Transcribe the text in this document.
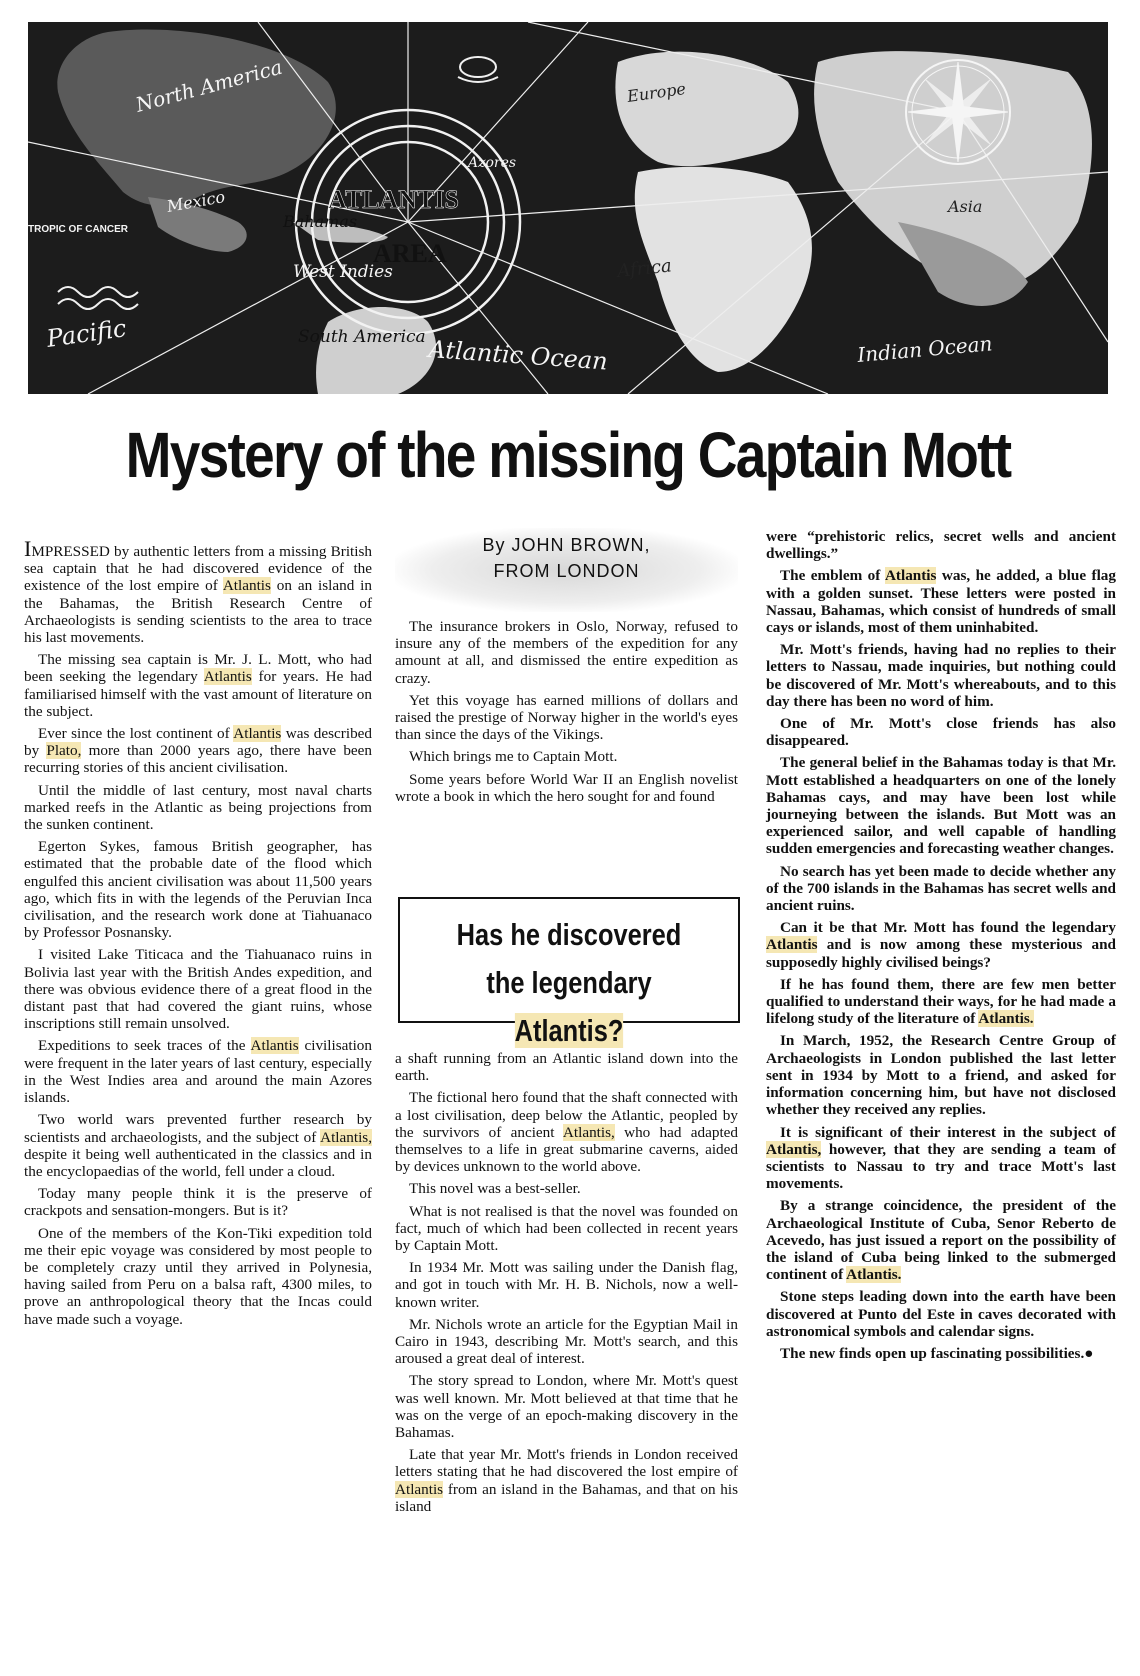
North America
Mexico
Bahamas
West Indies
South America
Pacific
Atlantic Ocean
Azores
Europe
Africa
Asia
Indian Ocean
TROPIC OF CANCER
ATLANTIS
AREA
Mystery of the missing Captain Mott

IMPRESSED by authentic letters from a missing British sea captain that he had discovered evidence of the existence of the lost empire of Atlantis on an island in the Bahamas, the British Research Centre of Archaeologists is sending scientists to the area to trace his last movements.

The missing sea captain is Mr. J. L. Mott, who had been seeking the legendary Atlantis for years. He had familiarised himself with the vast amount of literature on the subject.

Ever since the lost continent of Atlantis was described by Plato, more than 2000 years ago, there have been recurring stories of this ancient civilisation.

Until the middle of last century, most naval charts marked reefs in the Atlantic as being projections from the sunken continent.

Egerton Sykes, famous British geographer, has estimated that the probable date of the flood which engulfed this ancient civilisation was about 11,500 years ago, which fits in with the legends of the Peruvian Inca civilisation, and the research work done at Tiahuanaco by Professor Posnansky.

I visited Lake Titicaca and the Tiahuanaco ruins in Bolivia last year with the British Andes expedition, and there was obvious evidence there of a great flood in the distant past that had covered the giant ruins, whose inscriptions still remain unsolved.

Expeditions to seek traces of the Atlantis civilisation were frequent in the later years of last century, especially in the West Indies area and around the main Azores islands.

Two world wars prevented further research by scientists and archaeologists, and the subject of Atlantis, despite it being well authenticated in the classics and in the encyclopaedias of the world, fell under a cloud.

Today many people think it is the preserve of crackpots and sensation-mongers. But is it?

One of the members of the Kon-Tiki expedition told me their epic voyage was considered by most people to be completely crazy until they arrived in Polynesia, having sailed from Peru on a balsa raft, 4300 miles, to prove an anthropological theory that the Incas could have made such a voyage.

By JOHN BROWN,
FROM LONDON

The insurance brokers in Oslo, Norway, refused to insure any of the members of the expedition for any amount at all, and dismissed the entire expedition as crazy.

Yet this voyage has earned millions of dollars and raised the prestige of Norway higher in the world's eyes than since the days of the Vikings.

Which brings me to Captain Mott.

Some years before World War II an English novelist wrote a book in which the hero sought for and found

Has he discovered
the legendary Atlantis?

a shaft running from an Atlantic island down into the earth.

The fictional hero found that the shaft connected with a lost civilisation, deep below the Atlantic, peopled by the survivors of ancient Atlantis, who had adapted themselves to a life in great submarine caverns, aided by devices unknown to the world above.

This novel was a best-seller.

What is not realised is that the novel was founded on fact, much of which had been collected in recent years by Captain Mott.

In 1934 Mr. Mott was sailing under the Danish flag, and got in touch with Mr. H. B. Nichols, now a well-known writer.

Mr. Nichols wrote an article for the Egyptian Mail in Cairo in 1943, describing Mr. Mott's search, and this aroused a great deal of interest.

The story spread to London, where Mr. Mott's quest was well known. Mr. Mott believed at that time that he was on the verge of an epoch-making discovery in the Bahamas.

Late that year Mr. Mott's friends in London received letters stating that he had discovered the lost empire of Atlantis from an island in the Bahamas, and that on his island

were “prehistoric relics, secret wells and ancient dwellings.”

The emblem of Atlantis was, he added, a blue flag with a golden sunset. These letters were posted in Nassau, Bahamas, which consist of hundreds of small cays or islands, most of them uninhabited.

Mr. Mott's friends, having had no replies to their letters to Nassau, made inquiries, but nothing could be discovered of Mr. Mott's whereabouts, and to this day there has been no word of him.

One of Mr. Mott's close friends has also disappeared.

The general belief in the Bahamas today is that Mr. Mott established a headquarters on one of the lonely Bahamas cays, and may have been lost while journeying between the islands. But Mott was an experienced sailor, and well capable of handling sudden emergencies and forecasting weather changes.

No search has yet been made to decide whether any of the 700 islands in the Bahamas has secret wells and ancient ruins.

Can it be that Mr. Mott has found the legendary Atlantis and is now among these mysterious and supposedly highly civilised beings?

If he has found them, there are few men better qualified to understand their ways, for he had made a lifelong study of the literature of Atlantis.

In March, 1952, the Research Centre Group of Archaeologists in London published the last letter sent in 1934 by Mott to a friend, and asked for information concerning him, but have not disclosed whether they received any replies.

It is significant of their interest in the subject of Atlantis, however, that they are sending a team of scientists to Nassau to try and trace Mott's last movements.

By a strange coincidence, the president of the Archaeological Institute of Cuba, Senor Reberto de Acevedo, has just issued a report on the possibility of the island of Cuba being linked to the submerged continent of Atlantis.

Stone steps leading down into the earth have been discovered at Punto del Este in caves decorated with astronomical symbols and calendar signs.

The new finds open up fascinating possibilities.●
